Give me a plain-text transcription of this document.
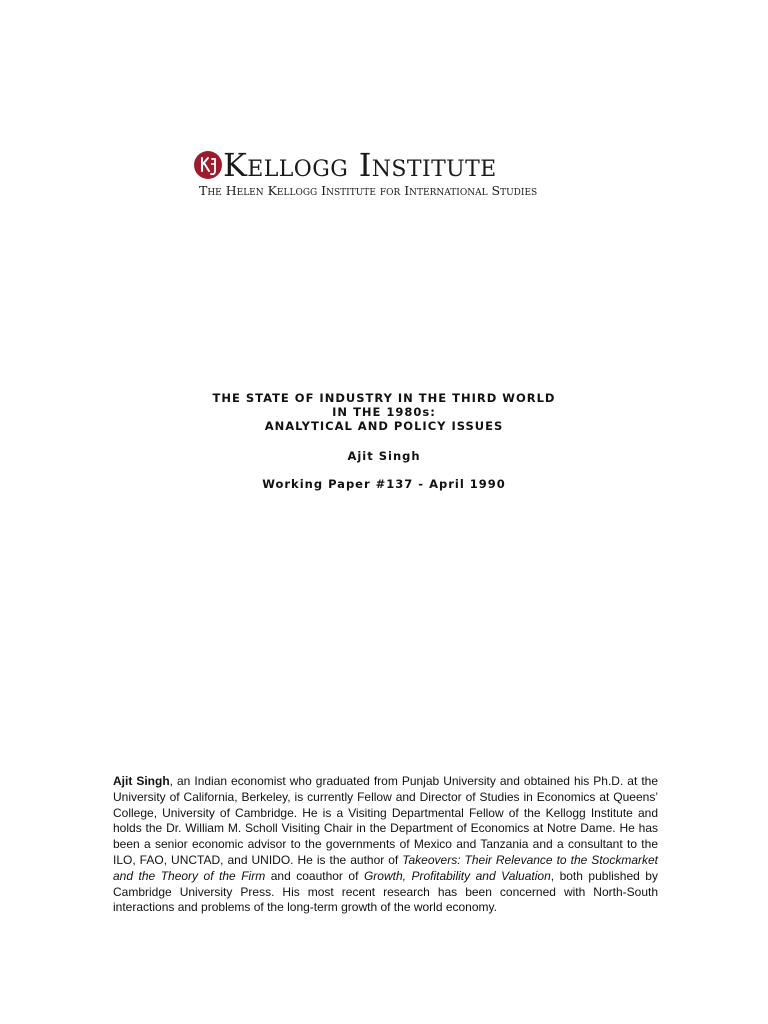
Kellogg Institute
The Helen Kellogg Institute for International Studies
THE STATE OF INDUSTRY IN THE THIRD WORLD
IN THE 1980s:
ANALYTICAL AND POLICY ISSUES
Ajit Singh
Working Paper #137 - April 1990
Ajit Singh, an Indian economist who graduated from Punjab University and obtained his Ph.D. at the University of California, Berkeley, is currently Fellow and Director of Studies in Economics at Queens’ College, University of Cambridge. He is a Visiting Departmental Fellow of the Kellogg Institute and holds the Dr. William M. Scholl Visiting Chair in the Department of Economics at Notre Dame. He has been a senior economic advisor to the governments of Mexico and Tanzania and a consultant to the ILO, FAO, UNCTAD, and UNIDO. He is the author of Takeovers: Their Relevance to the Stockmarket and the Theory of the Firm and coauthor of Growth, Profitability and Valuation, both published by Cambridge University Press. His most recent research has been concerned with North-South interactions and problems of the long-term growth of the world economy.
